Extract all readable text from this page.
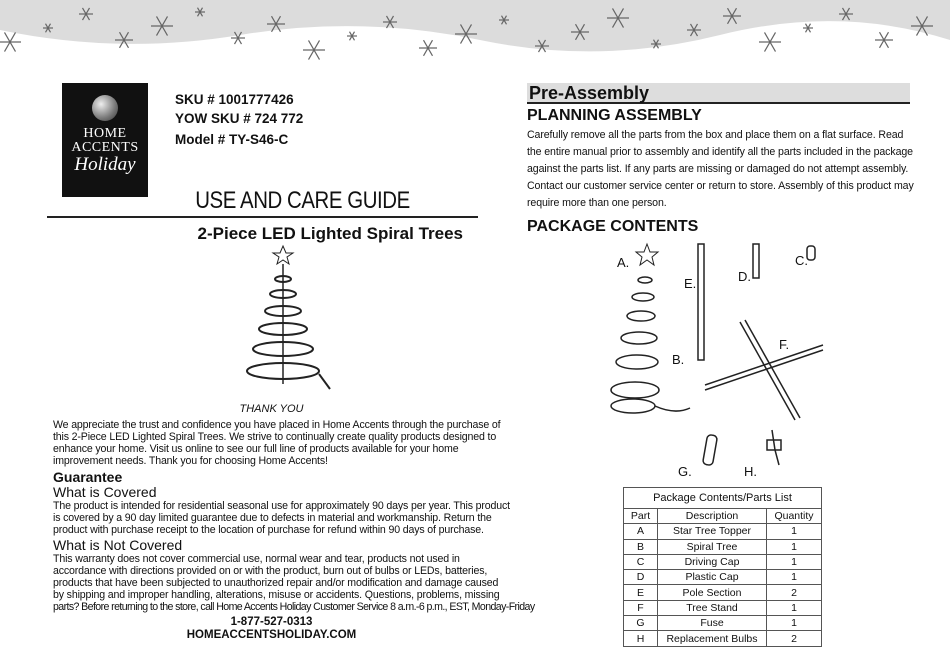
HOME
ACCENTS
Holiday
SKU # 1001777426
YOW SKU # 724 772
Model # TY-S46-C
USE AND CARE GUIDE
2-Piece LED Lighted Spiral Trees
THANK YOU
We appreciate the trust and confidence you have placed in Home Accents through the purchase of this 2-Piece LED Lighted Spiral Trees. We strive to continually create quality products designed to enhance your home. Visit us online to see our full line of products available for your home improvement needs. Thank you for choosing Home Accents!
Guarantee
What is Covered
The product is intended for residential seasonal use for approximately 90 days per year. This product is covered by a 90 day limited guarantee due to defects in material and workmanship. Return the product with purchase receipt to the location of purchase for refund within 90 days of purchase.
What is Not Covered
This warranty does not cover commercial use, normal wear and tear, products not used in accordance with directions provided on or with the product, burn out of bulbs or LEDs, batteries, products that have been subjected to unauthorized repair and/or modification and damage caused by shipping and improper handling, alterations, misuse or accidents. Questions, problems, missing
parts? Before returning to the store, call Home Accents Holiday Customer Service 8 a.m.-6 p.m., EST, Monday-Friday
1-877-527-0313
HOMEACCENTSHOLIDAY.COM
Pre-Assembly
PLANNING ASSEMBLY
Carefully remove all the parts from the box and place them on a flat surface. Read the entire manual prior to assembly and identify all the parts included in the package against the parts list. If any parts are missing or damaged do not attempt assembly. Contact our customer service center or return to store. Assembly of this product may require more than one person.
PACKAGE CONTENTS
A.
E.	D.
C.
F.
B.
G.	H.
Package Contents/Parts List
Part	Description	Quantity
A	Star Tree Topper	1
B	Spiral Tree	1
C	Driving Cap	1
D	Plastic Cap	1
E	Pole Section	2
F	Tree Stand	1
G	Fuse	1
H	Replacement Bulbs	2
